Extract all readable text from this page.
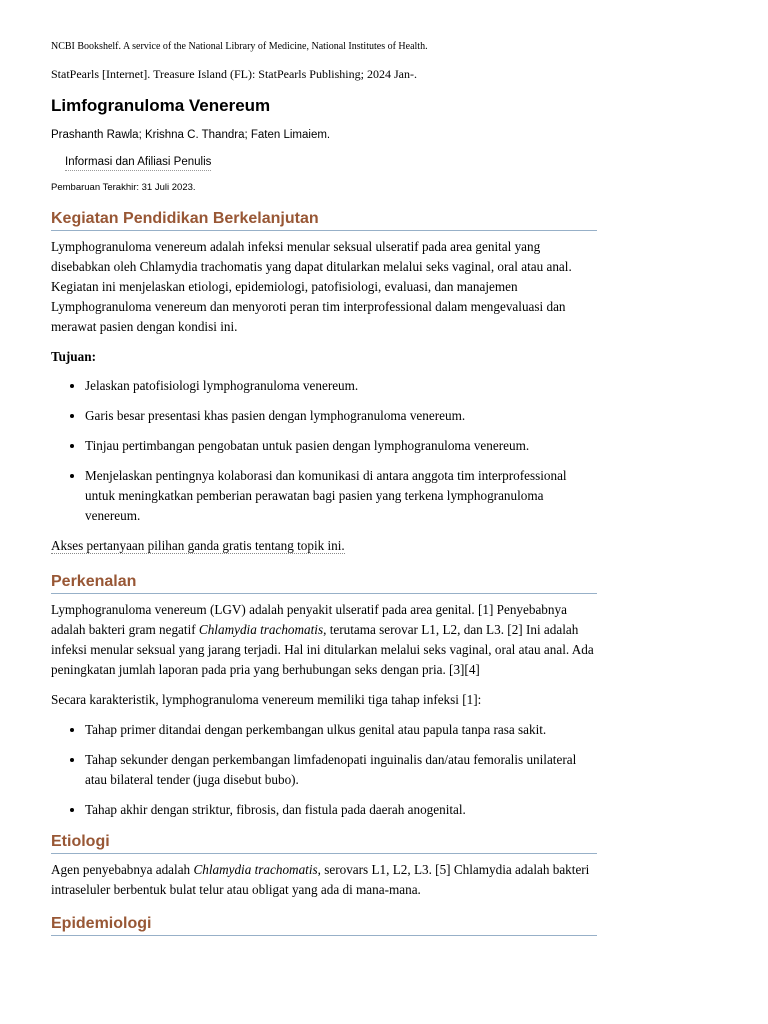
NCBI Bookshelf. A service of the National Library of Medicine, National Institutes of Health.
StatPearls [Internet]. Treasure Island (FL): StatPearls Publishing; 2024 Jan-.
Limfogranuloma Venereum
Prashanth Rawla; Krishna C. Thandra; Faten Limaiem.
Informasi dan Afiliasi Penulis
Pembaruan Terakhir: 31 Juli 2023.
Kegiatan Pendidikan Berkelanjutan

Lymphogranuloma venereum adalah infeksi menular seksual ulseratif pada area genital yang disebabkan oleh Chlamydia trachomatis yang dapat ditularkan melalui seks vaginal, oral atau anal. Kegiatan ini menjelaskan etiologi, epidemiologi, patofisiologi, evaluasi, dan manajemen Lymphogranuloma venereum dan menyoroti peran tim interprofessional dalam mengevaluasi dan merawat pasien dengan kondisi ini.

Tujuan:

• Jelaskan patofisiologi lymphogranuloma venereum.
• Garis besar presentasi khas pasien dengan lymphogranuloma venereum.
• Tinjau pertimbangan pengobatan untuk pasien dengan lymphogranuloma venereum.
• Menjelaskan pentingnya kolaborasi dan komunikasi di antara anggota tim interprofessional untuk meningkatkan pemberian perawatan bagi pasien yang terkena lymphogranuloma venereum.

Akses pertanyaan pilihan ganda gratis tentang topik ini.

Perkenalan

Lymphogranuloma venereum (LGV) adalah penyakit ulseratif pada area genital. [1] Penyebabnya adalah bakteri gram negatif Chlamydia trachomatis, terutama serovar L1, L2, dan L3. [2] Ini adalah infeksi menular seksual yang jarang terjadi. Hal ini ditularkan melalui seks vaginal, oral atau anal. Ada peningkatan jumlah laporan pada pria yang berhubungan seks dengan pria. [3][4]

Secara karakteristik, lymphogranuloma venereum memiliki tiga tahap infeksi [1]:

• Tahap primer ditandai dengan perkembangan ulkus genital atau papula tanpa rasa sakit.
• Tahap sekunder dengan perkembangan limfadenopati inguinalis dan/atau femoralis unilateral atau bilateral tender (juga disebut bubo).
• Tahap akhir dengan striktur, fibrosis, dan fistula pada daerah anogenital.
Etiologi

Agen penyebabnya adalah Chlamydia trachomatis, serovars L1, L2, L3. [5] Chlamydia adalah bakteri intraseluler berbentuk bulat telur atau obligat yang ada di mana-mana.

Epidemiologi
